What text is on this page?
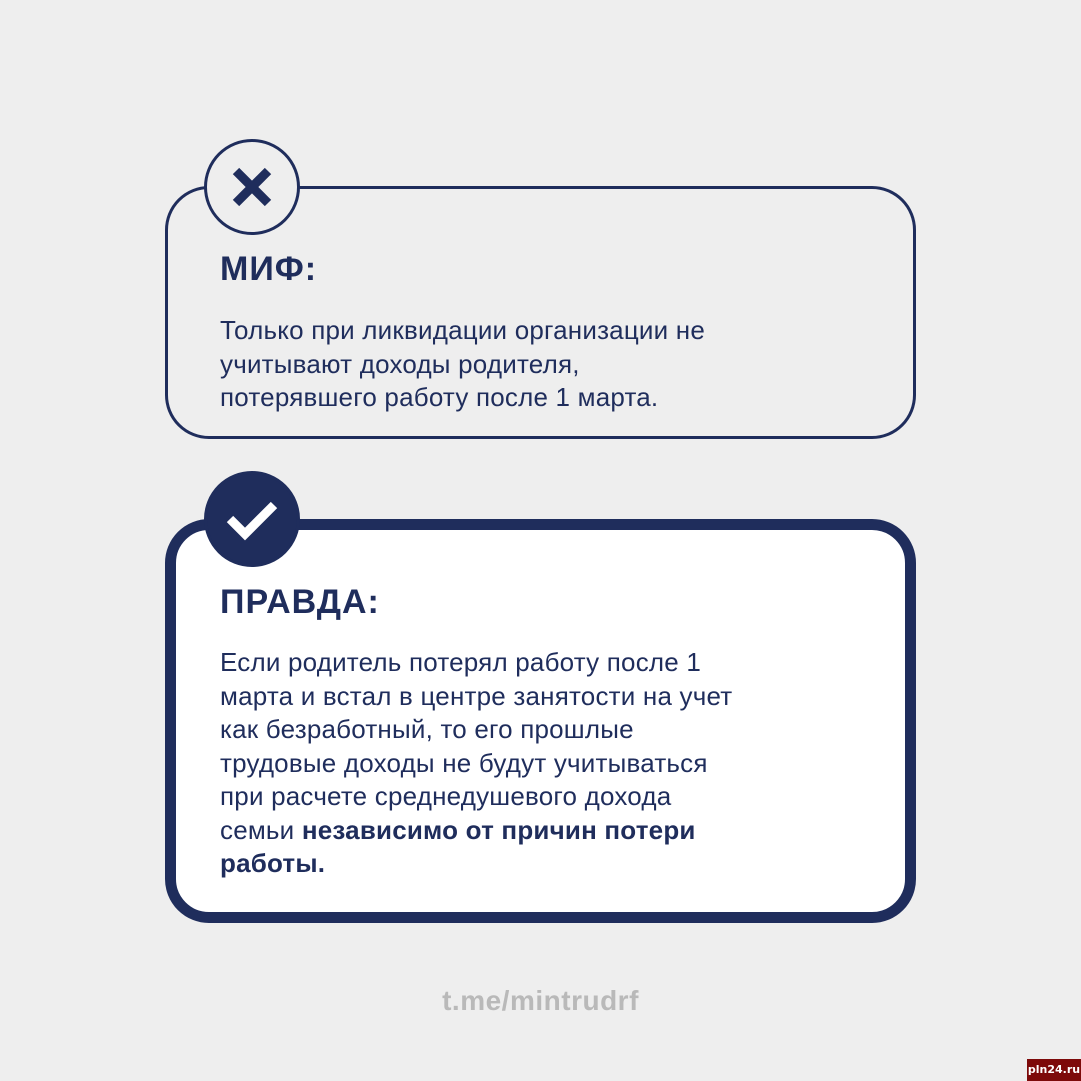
МИФ:
Только при ликвидации организации не
учитывают доходы родителя,
потерявшего работу после 1 марта.
ПРАВДА:
Если родитель потерял работу после 1
марта и встал в центре занятости на учет
как безработный, то его прошлые
трудовые доходы не будут учитываться
при расчете среднедушевого дохода
семьи независимо от причин потери
работы.
t.me/mintrudrf
pln24.ru
